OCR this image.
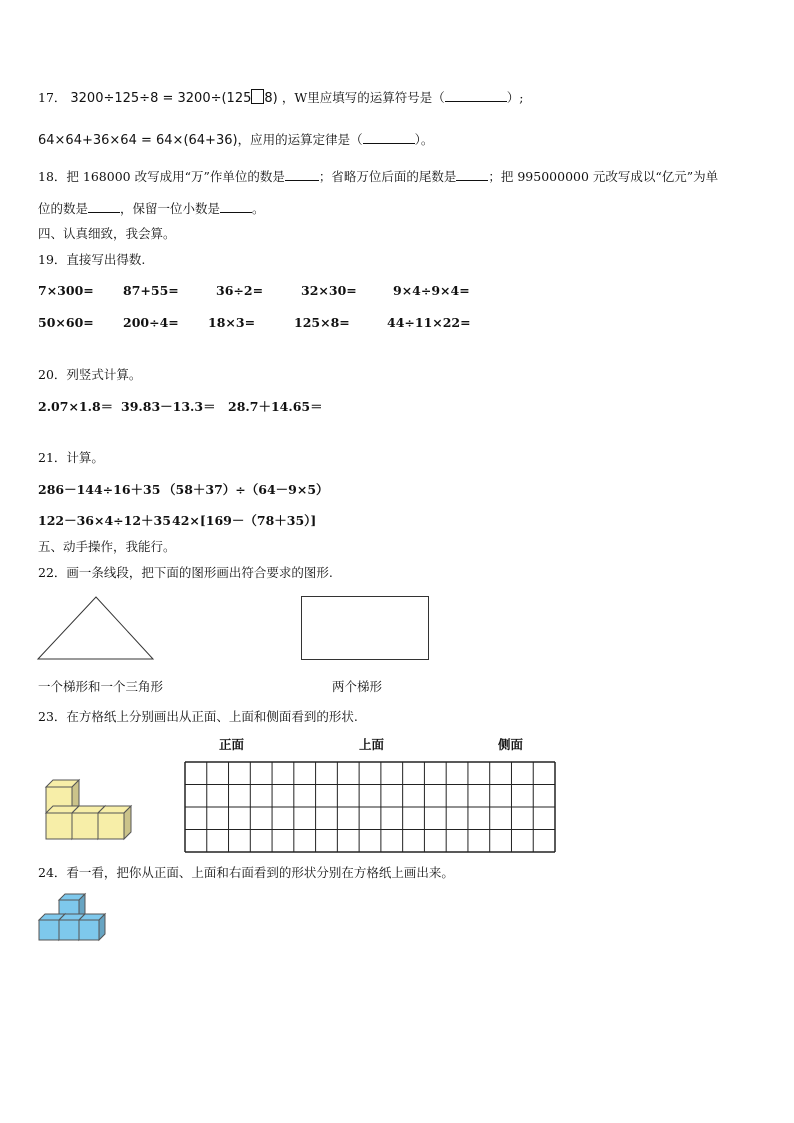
17． 3200÷125÷8 = 3200÷(125 8) ，W里应填写的运算符号是（	）;
64×64+36×64 = 64×(64+36)，应用的运算定律是（	）。
18．把 168000 改写成用“万”作单位的数是	；省略万位后面的尾数是	；把 995000000 元改写成以“亿元”为单
位的数是	，保留一位小数是	。
四、认真细致，我会算。
19．直接写出得数.
7×300= 87+55=	36÷2=	32×30=	9×4÷9×4=
50×60= 200÷4= 18×3=	125×8=	44÷11×22=
20．列竖式计算。
2.07×1.8＝ 39.83－13.3＝ 28.7＋14.65＝
21．计算。
286－144÷16＋35 （58＋37）÷（64－9×5）
122－36×4÷12＋35 42×[169－（78＋35）]
五、动手操作，我能行。
22．画一条线段，把下面的图形画出符合要求的图形.
一个梯形和一个三角形	两个梯形
23．在方格纸上分别画出从正面、上面和侧面看到的形状.
正面	上面	侧面
24．看一看，把你从正面、上面和右面看到的形状分别在方格纸上画出来。
